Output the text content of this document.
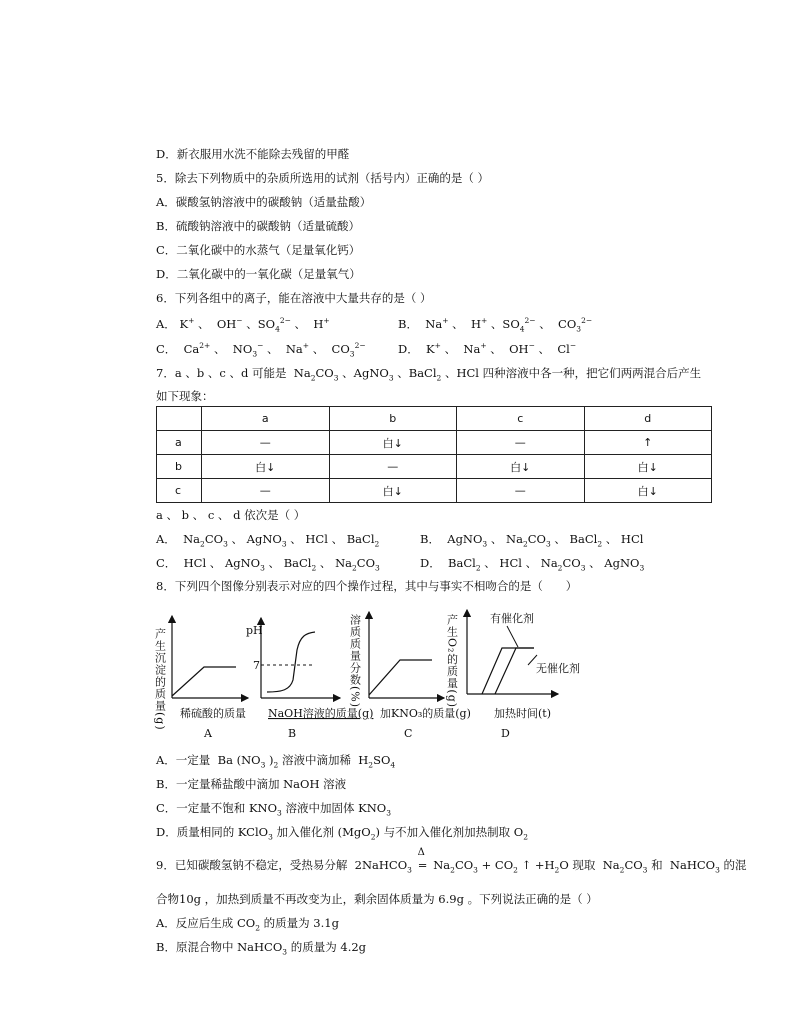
D．新衣服用水洗不能除去残留的甲醛
5．除去下列物质中的杂质所选用的试剂（括号内）正确的是（ ）
A．碳酸氢钠溶液中的碳酸钠（适量盐酸）
B．硫酸钠溶液中的碳酸钠（适量硫酸）
C．二氧化碳中的水蒸气（足量氧化钙）
D．二氧化碳中的一氧化碳（足量氧气）
6．下列各组中的离子，能在溶液中大量共存的是（ ）
A． K+ 、  OH− 、$SO_4^{2-}$ 、  H+	B．  Na+ 、  H+ 、$SO_4^{2-}$ 、  $CO_3^{2-}$
C．  $Ca^{2+}$ 、  $NO_3^-$ 、  Na+ 、  $CO_3^{2-}$	D．  K+ 、  Na+ 、  OH− 、  Cl−
7．a 、b 、c 、d 可能是  $Na_2CO_3$ 、AgNO$_3$ 、BaCl$_2$ 、HCl 四种溶液中各一种，把它们两两混合后产生
如下现象：
	a	b	c	d
a	—	白↓	—	↑
b	白↓	—	白↓	白↓
c	—	白↓	—	白↓
a 、 b 、 c 、 d 依次是（ ）
A．  $Na_2CO_3$ 、 AgNO$_3$ 、 HCl 、 BaCl$_2$	B．  AgNO$_3$ 、 $Na_2CO_3$ 、 BaCl$_2$ 、 HCl
C．  HCl 、 AgNO$_3$ 、 BaCl$_2$ 、 $Na_2CO_3$	D．  BaCl$_2$ 、 HCl 、 $Na_2CO_3$ 、 AgNO$_3$
8．下列四个图像分别表示对应的四个操作过程，其中与事实不相吻合的是（　　）
产生沉淀的质量(g) 稀硫酸的质量
A
pH
7
NaOH溶液的质量(g)
B
溶质质量分数(%)
加KNO₃的质量(g)
C
产生O₂的质量(g)	有催化剂
无催化剂
加热时间(t)
D
A．一定量  Ba ($NO_3$ )$_2$ 溶液中滴加稀  $H_2SO_4$
B．一定量稀盐酸中滴加 NaOH 溶液
C．一定量不饱和 $KNO_3$ 溶液中加固体 $KNO_3$
D．质量相同的 KClO$_3$ 加入催化剂 (MgO$_2$) 与不加入催化剂加热制取 $O_2$
9．已知碳酸氢钠不稳定，受热易分解  2NaHCO$_3$
Δ
= $Na_2CO_3 + CO_2$ ↑ $+H_2O$ 现取  $Na_2CO_3$ 和  NaHCO$_3$ 的混
合物10g ，加热到质量不再改变为止，剩余固体质量为 6.9g 。下列说法正确的是（ ）
A．反应后生成 $CO_2$ 的质量为 3.1g
B．原混合物中 NaHCO$_3$ 的质量为 4.2g
